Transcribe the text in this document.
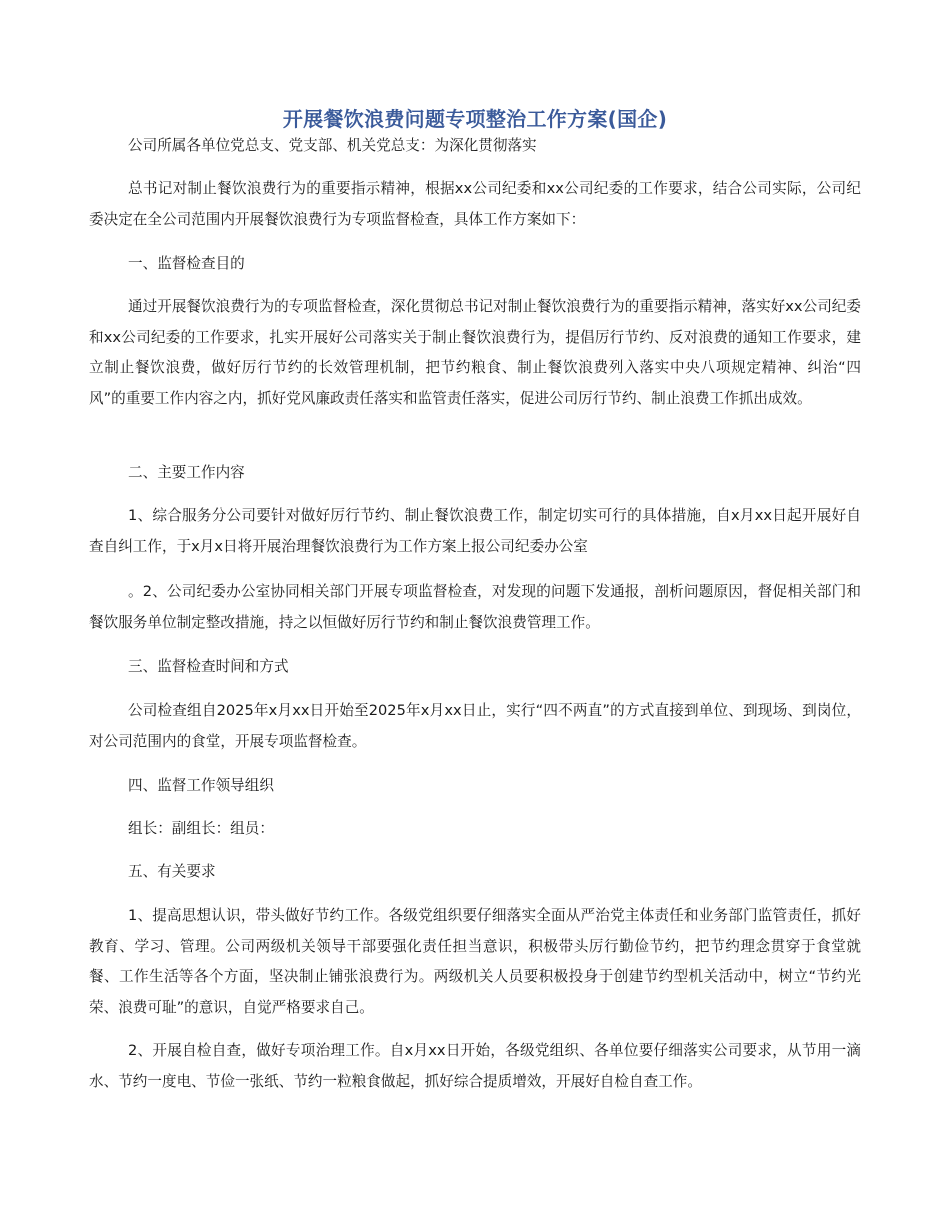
开展餐饮浪费问题专项整治工作方案(国企)

公司所属各单位党总支、党支部、机关党总支：为深化贯彻落实

总书记对制止餐饮浪费行为的重要指示精神，根据xx公司纪委和xx公司纪委的工作要求，结合公司实际，公司纪委决定在全公司范围内开展餐饮浪费行为专项监督检查，具体工作方案如下：

一、监督检查目的

通过开展餐饮浪费行为的专项监督检查，深化贯彻总书记对制止餐饮浪费行为的重要指示精神，落实好xx公司纪委和xx公司纪委的工作要求，扎实开展好公司落实关于制止餐饮浪费行为，提倡厉行节约、反对浪费的通知工作要求，建立制止餐饮浪费，做好厉行节约的长效管理机制，把节约粮食、制止餐饮浪费列入落实中央八项规定精神、纠治“四风”的重要工作内容之内，抓好党风廉政责任落实和监管责任落实，促进公司厉行节约、制止浪费工作抓出成效。

二、主要工作内容

1、综合服务分公司要针对做好厉行节约、制止餐饮浪费工作，制定切实可行的具体措施，自x月xx日起开展好自查自纠工作，于x月x日将开展治理餐饮浪费行为工作方案上报公司纪委办公室

。2、公司纪委办公室协同相关部门开展专项监督检查，对发现的问题下发通报，剖析问题原因，督促相关部门和餐饮服务单位制定整改措施，持之以恒做好厉行节约和制止餐饮浪费管理工作。

三、监督检查时间和方式

公司检查组自2025年x月xx日开始至2025年x月xx日止，实行“四不两直”的方式直接到单位、到现场、到岗位，对公司范围内的食堂，开展专项监督检查。

四、监督工作领导组织

组长：副组长：组员：

五、有关要求

1、提高思想认识，带头做好节约工作。各级党组织要仔细落实全面从严治党主体责任和业务部门监管责任，抓好教育、学习、管理。公司两级机关领导干部要强化责任担当意识，积极带头厉行勤俭节约，把节约理念贯穿于食堂就餐、工作生活等各个方面，坚决制止铺张浪费行为。两级机关人员要积极投身于创建节约型机关活动中，树立“节约光荣、浪费可耻”的意识，自觉严格要求自己。

2、开展自检自查，做好专项治理工作。自x月xx日开始，各级党组织、各单位要仔细落实公司要求，从节用一滴水、节约一度电、节俭一张纸、节约一粒粮食做起，抓好综合提质增效，开展好自检自查工作。
